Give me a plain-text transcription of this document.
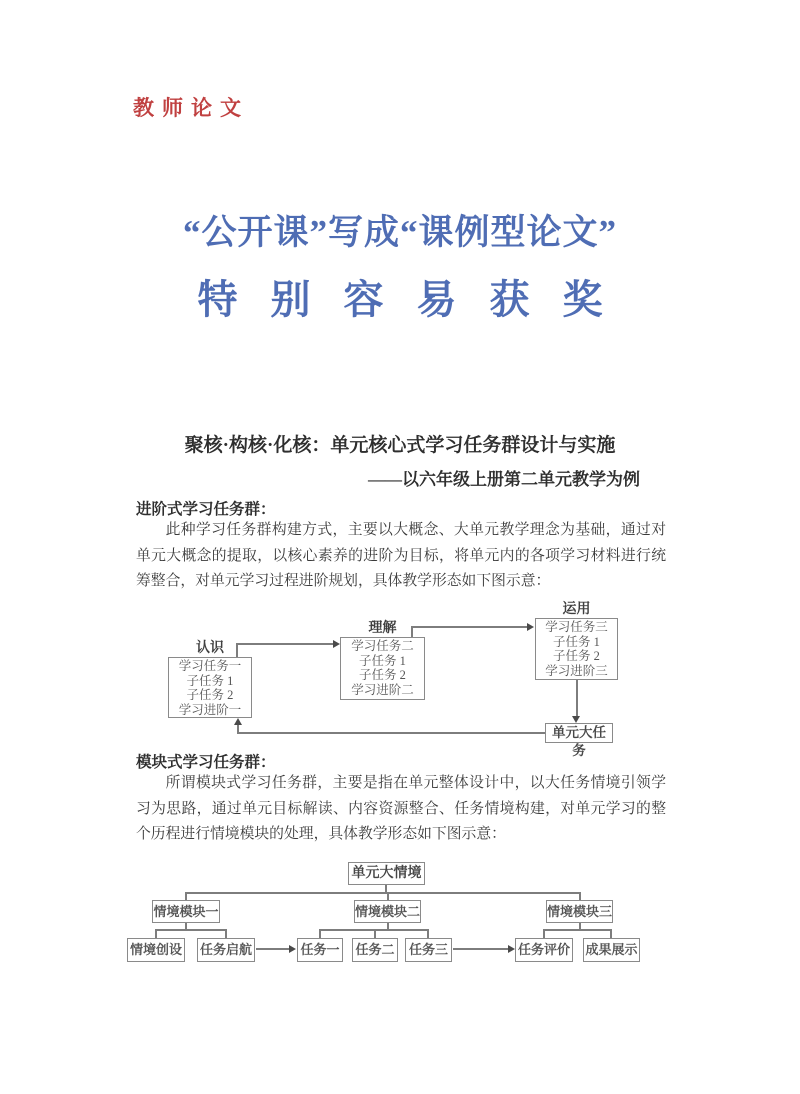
教师论文
“公开课”写成“课例型论文”
特别容易获奖
聚核·构核·化核：单元核心式学习任务群设计与实施
——以六年级上册第二单元教学为例
进阶式学习任务群：

此种学习任务群构建方式，主要以大概念、大单元教学理念为基础，通过对单元大概念的提取，以核心素养的进阶为目标，将单元内的各项学习材料进行统筹整合，对单元学习过程进阶规划，具体教学形态如下图示意：

认识
理解
运用
学习任务一
子任务 1
子任务 2
学习进阶一
学习任务二
子任务 1
子任务 2
学习进阶二
学习任务三
子任务 1
子任务 2
学习进阶三
单元大任务
模块式学习任务群：

所谓模块式学习任务群，主要是指在单元整体设计中，以大任务情境引领学习为思路，通过单元目标解读、内容资源整合、任务情境构建，对单元学习的整个历程进行情境模块的处理，具体教学形态如下图示意：

单元大情境
情境模块一	情境模块二	情境模块三
情境创设 任务启航	任务一 任务二	任务三	任务评价 成果展示
